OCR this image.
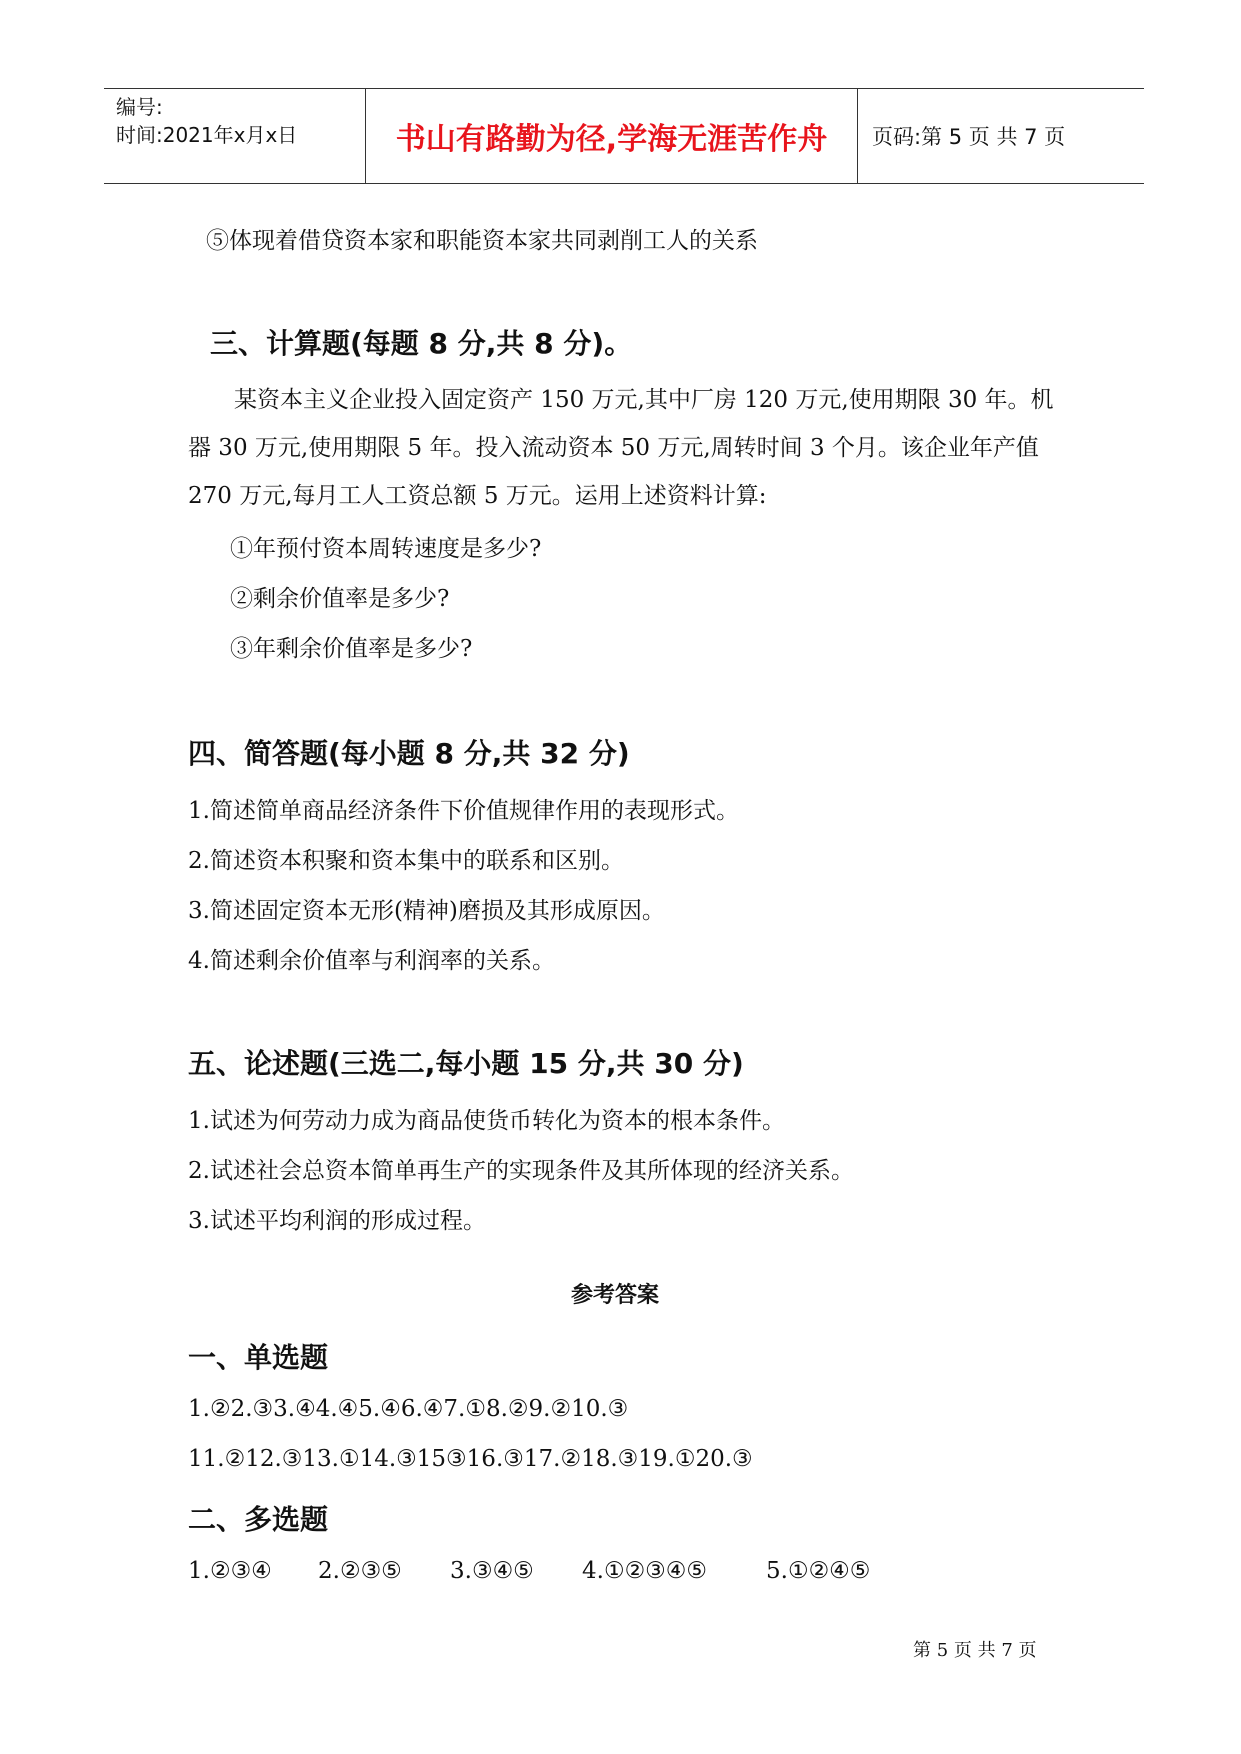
编号:
时间:2021年x月x日	书山有路勤为径,学海无涯苦作舟	页码:第 5 页 共 7 页
⑤体现着借贷资本家和职能资本家共同剥削工人的关系
三、计算题(每题 8 分,共 8 分)。
某资本主义企业投入固定资产 150 万元,其中厂房 120 万元,使用期限 30 年。机器 30 万元,使用期限 5 年。投入流动资本 50 万元,周转时间 3 个月。该企业年产值 270 万元,每月工人工资总额 5 万元。运用上述资料计算:
①年预付资本周转速度是多少?
②剩余价值率是多少?
③年剩余价值率是多少?
四、简答题(每小题 8 分,共 32 分)
1.简述简单商品经济条件下价值规律作用的表现形式。
2.简述资本积聚和资本集中的联系和区别。
3.简述固定资本无形(精神)磨损及其形成原因。
4.简述剩余价值率与利润率的关系。
五、论述题(三选二,每小题 15 分,共 30 分)
1.试述为何劳动力成为商品使货币转化为资本的根本条件。
2.试述社会总资本简单再生产的实现条件及其所体现的经济关系。
3.试述平均利润的形成过程。
参考答案
一、单选题
1.②2.③3.④4.④5.④6.④7.①8.②9.②10.③
11.②12.③13.①14.③15③16.③17.②18.③19.①20.③
二、多选题
1.②③④ 2.②③⑤ 3.③④⑤ 4.①②③④⑤	5.①②④⑤
第 5 页 共 7 页
